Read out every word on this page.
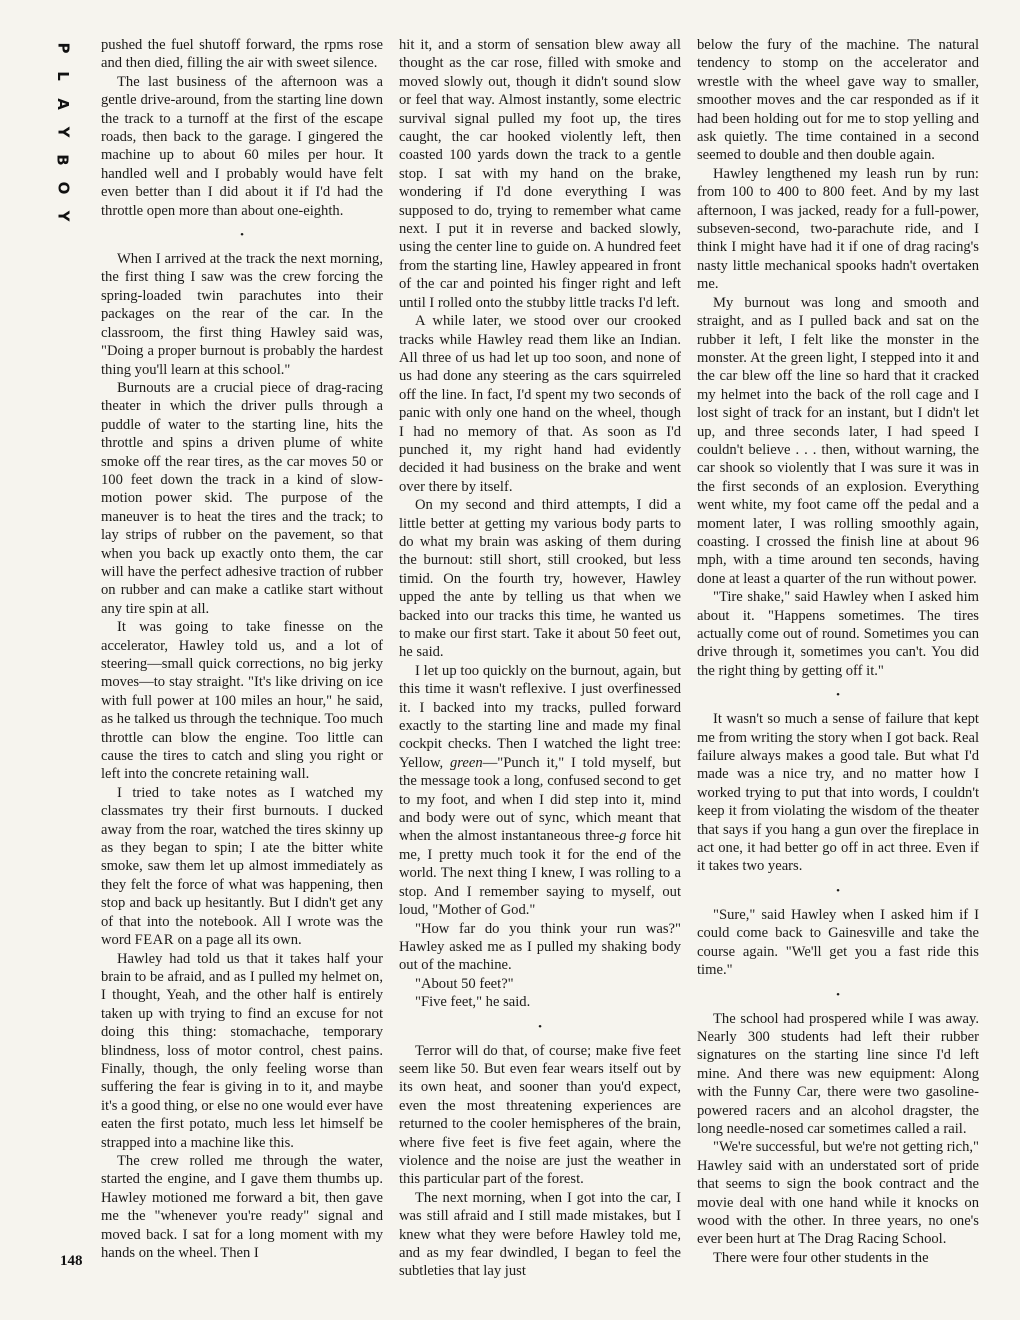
P
L
A
Y
B
O
Y
148

pushed the fuel shutoff forward, the rpms rose and then died, filling the air with sweet silence.

The last business of the afternoon was a gentle drive-around, from the starting line down the track to a turnoff at the first of the escape roads, then back to the garage. I gingered the machine up to about 60 miles per hour. It handled well and I probably would have felt even better than I did about it if I'd had the throttle open more than about one-eighth.

•

When I arrived at the track the next morning, the first thing I saw was the crew forcing the spring-loaded twin parachutes into their packages on the rear of the car. In the classroom, the first thing Hawley said was, "Doing a proper burnout is probably the hardest thing you'll learn at this school."

Burnouts are a crucial piece of drag-racing theater in which the driver pulls through a puddle of water to the starting line, hits the throttle and spins a driven plume of white smoke off the rear tires, as the car moves 50 or 100 feet down the track in a kind of slow-motion power skid. The purpose of the maneuver is to heat the tires and the track; to lay strips of rubber on the pavement, so that when you back up exactly onto them, the car will have the perfect adhesive traction of rubber on rubber and can make a catlike start without any tire spin at all.

It was going to take finesse on the accelerator, Hawley told us, and a lot of steering—small quick corrections, no big jerky moves—to stay straight. "It's like driving on ice with full power at 100 miles an hour," he said, as he talked us through the technique. Too much throttle can blow the engine. Too little can cause the tires to catch and sling you right or left into the concrete retaining wall.

I tried to take notes as I watched my classmates try their first burnouts. I ducked away from the roar, watched the tires skinny up as they began to spin; I ate the bitter white smoke, saw them let up almost immediately as they felt the force of what was happening, then stop and back up hesitantly. But I didn't get any of that into the notebook. All I wrote was the word FEAR on a page all its own.

Hawley had told us that it takes half your brain to be afraid, and as I pulled my helmet on, I thought, Yeah, and the other half is entirely taken up with trying to find an excuse for not doing this thing: stomachache, temporary blindness, loss of motor control, chest pains. Finally, though, the only feeling worse than suffering the fear is giving in to it, and maybe it's a good thing, or else no one would ever have eaten the first potato, much less let himself be strapped into a machine like this.

The crew rolled me through the water, started the engine, and I gave them thumbs up. Hawley motioned me forward a bit, then gave me the "whenever you're ready" signal and moved back. I sat for a long moment with my hands on the wheel. Then I

hit it, and a storm of sensation blew away all thought as the car rose, filled with smoke and moved slowly out, though it didn't sound slow or feel that way. Almost instantly, some electric survival signal pulled my foot up, the tires caught, the car hooked violently left, then coasted 100 yards down the track to a gentle stop. I sat with my hand on the brake, wondering if I'd done everything I was supposed to do, trying to remember what came next. I put it in reverse and backed slowly, using the center line to guide on. A hundred feet from the starting line, Hawley appeared in front of the car and pointed his finger right and left until I rolled onto the stubby little tracks I'd left.

A while later, we stood over our crooked tracks while Hawley read them like an Indian. All three of us had let up too soon, and none of us had done any steering as the cars squirreled off the line. In fact, I'd spent my two seconds of panic with only one hand on the wheel, though I had no memory of that. As soon as I'd punched it, my right hand had evidently decided it had business on the brake and went over there by itself.

On my second and third attempts, I did a little better at getting my various body parts to do what my brain was asking of them during the burnout: still short, still crooked, but less timid. On the fourth try, however, Hawley upped the ante by telling us that when we backed into our tracks this time, he wanted us to make our first start. Take it about 50 feet out, he said.

I let up too quickly on the burnout, again, but this time it wasn't reflexive. I just overfinessed it. I backed into my tracks, pulled forward exactly to the starting line and made my final cockpit checks. Then I watched the light tree: Yellow, green—"Punch it," I told myself, but the message took a long, confused second to get to my foot, and when I did step into it, mind and body were out of sync, which meant that when the almost instantaneous three-g force hit me, I pretty much took it for the end of the world. The next thing I knew, I was rolling to a stop. And I remember saying to myself, out loud, "Mother of God."

"How far do you think your run was?" Hawley asked me as I pulled my shaking body out of the machine.

"About 50 feet?"

"Five feet," he said.

•

Terror will do that, of course; make five feet seem like 50. But even fear wears itself out by its own heat, and sooner than you'd expect, even the most threatening experiences are returned to the cooler hemispheres of the brain, where five feet is five feet again, where the violence and the noise are just the weather in this particular part of the forest.

The next morning, when I got into the car, I was still afraid and I still made mistakes, but I knew what they were before Hawley told me, and as my fear dwindled, I began to feel the subtleties that lay just

below the fury of the machine. The natural tendency to stomp on the accelerator and wrestle with the wheel gave way to smaller, smoother moves and the car responded as if it had been holding out for me to stop yelling and ask quietly. The time contained in a second seemed to double and then double again.

Hawley lengthened my leash run by run: from 100 to 400 to 800 feet. And by my last afternoon, I was jacked, ready for a full-power, subseven-second, two-parachute ride, and I think I might have had it if one of drag racing's nasty little mechanical spooks hadn't overtaken me.

My burnout was long and smooth and straight, and as I pulled back and sat on the rubber it left, I felt like the monster in the monster. At the green light, I stepped into it and the car blew off the line so hard that it cracked my helmet into the back of the roll cage and I lost sight of track for an instant, but I didn't let up, and three seconds later, I had speed I couldn't believe . . . then, without warning, the car shook so violently that I was sure it was in the first seconds of an explosion. Everything went white, my foot came off the pedal and a moment later, I was rolling smoothly again, coasting. I crossed the finish line at about 96 mph, with a time around ten seconds, having done at least a quarter of the run without power.

"Tire shake," said Hawley when I asked him about it. "Happens sometimes. The tires actually come out of round. Sometimes you can drive through it, sometimes you can't. You did the right thing by getting off it."

•

It wasn't so much a sense of failure that kept me from writing the story when I got back. Real failure always makes a good tale. But what I'd made was a nice try, and no matter how I worked trying to put that into words, I couldn't keep it from violating the wisdom of the theater that says if you hang a gun over the fireplace in act one, it had better go off in act three. Even if it takes two years.

•

"Sure," said Hawley when I asked him if I could come back to Gainesville and take the course again. "We'll get you a fast ride this time."

•

The school had prospered while I was away. Nearly 300 students had left their rubber signatures on the starting line since I'd left mine. And there was new equipment: Along with the Funny Car, there were two gasoline-powered racers and an alcohol dragster, the long needle-nosed car sometimes called a rail.

"We're successful, but we're not getting rich," Hawley said with an understated sort of pride that seems to sign the book contract and the movie deal with one hand while it knocks on wood with the other. In three years, no one's ever been hurt at The Drag Racing School.

There were four other students in the
